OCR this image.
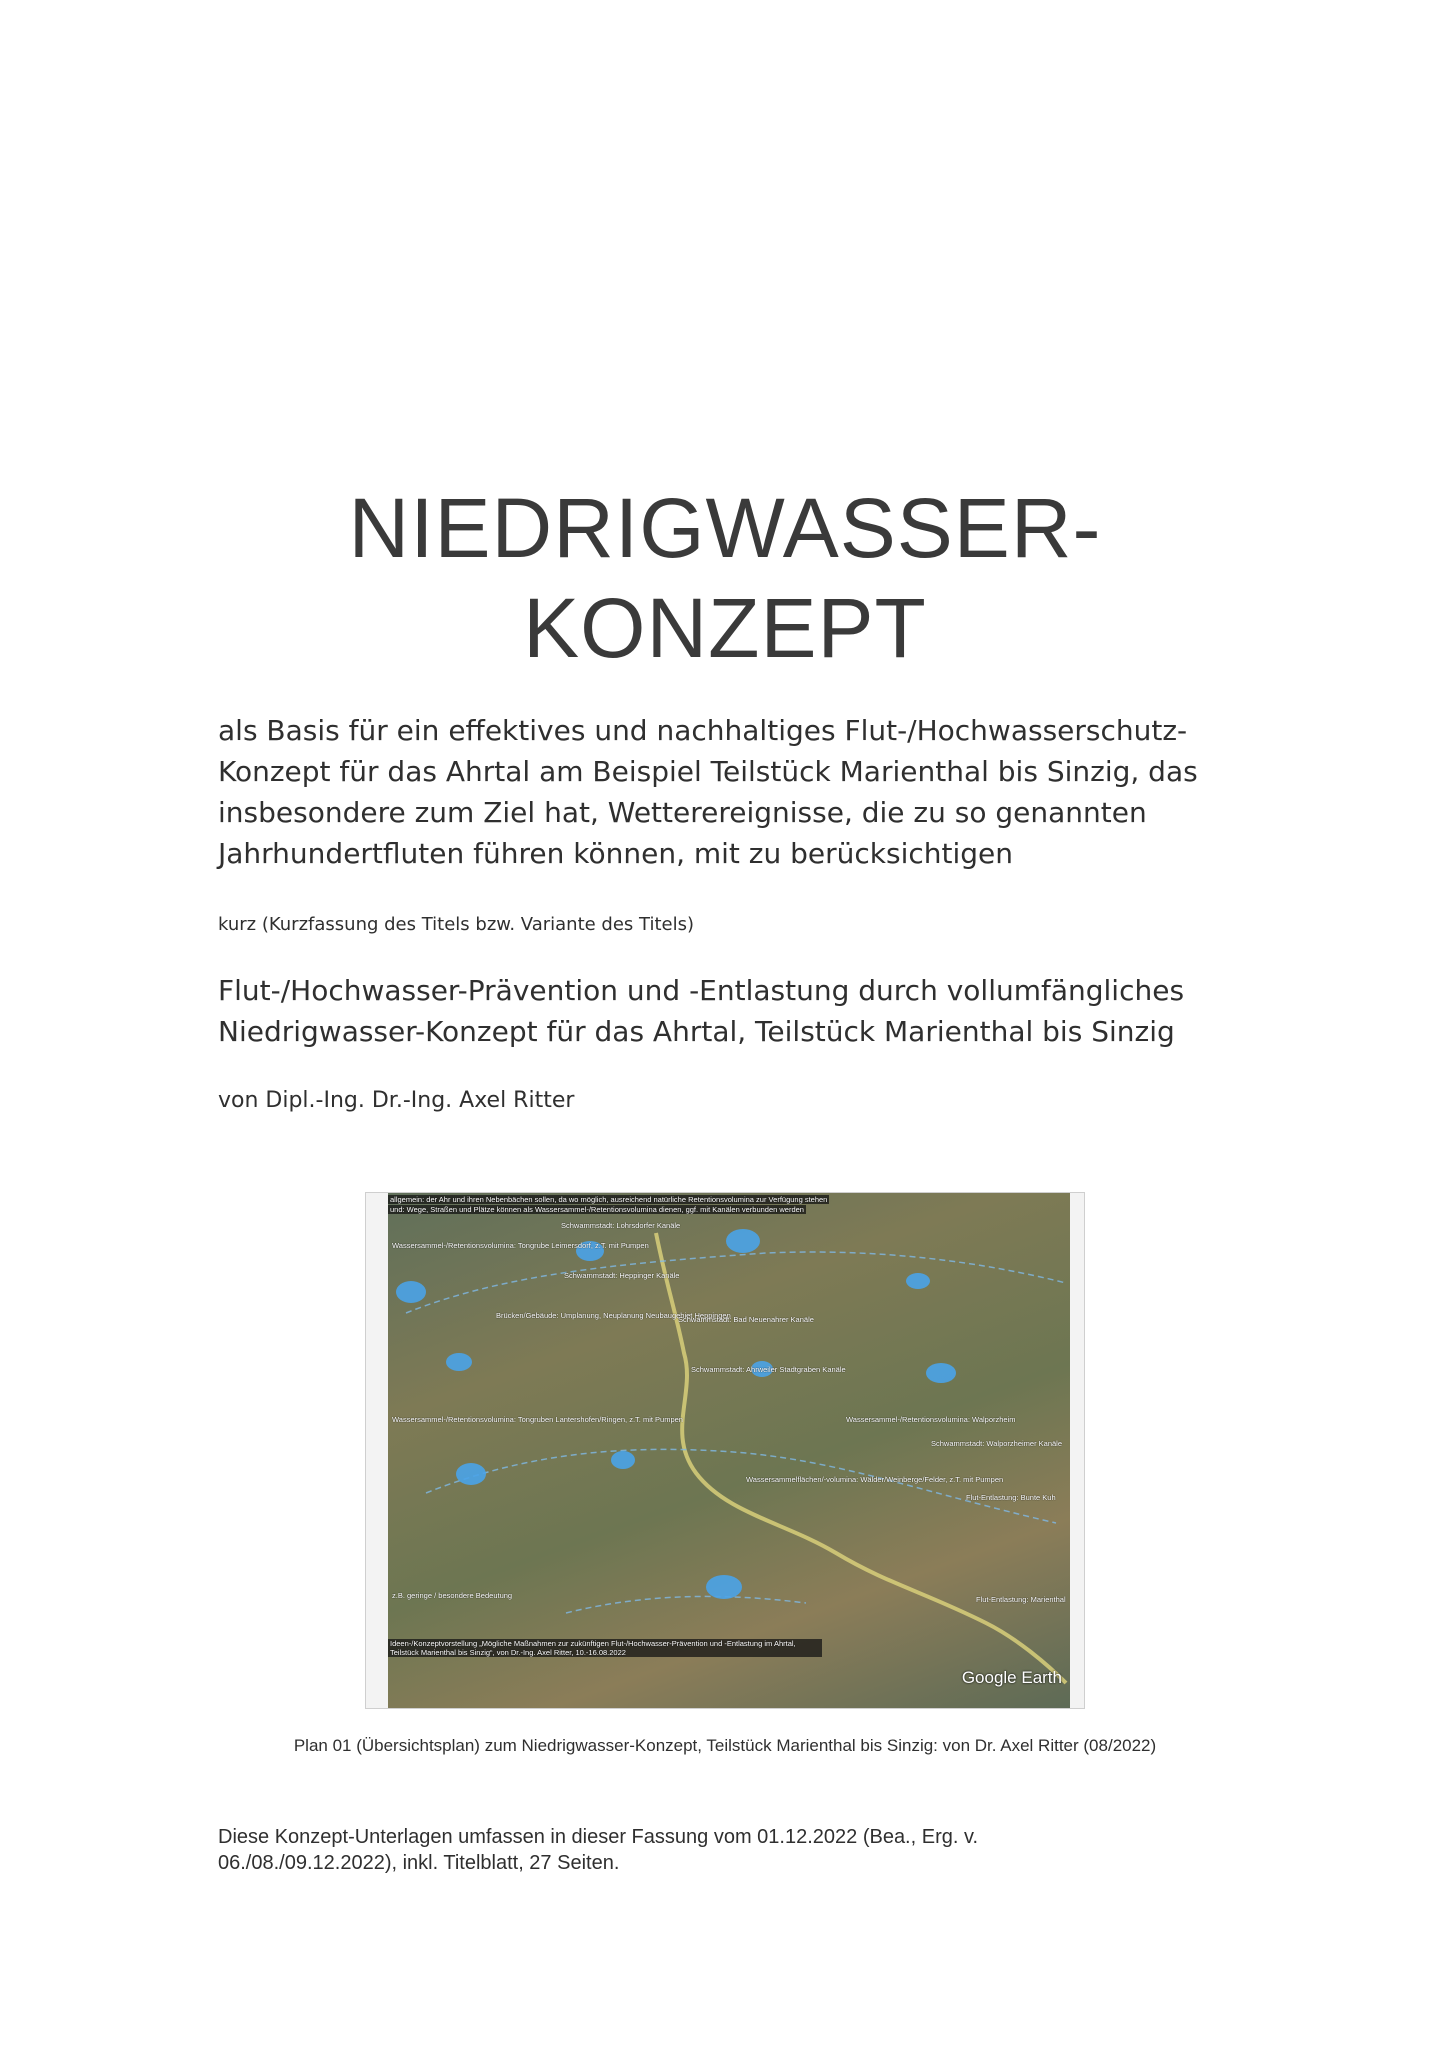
NIEDRIGWASSER-
KONZEPT
als Basis für ein effektives und nachhaltiges Flut-/Hochwasserschutz-Konzept für das Ahrtal am Beispiel Teilstück Marienthal bis Sinzig, das insbesondere zum Ziel hat, Wetterereignisse, die zu so genannten Jahrhundertfluten führen können, mit zu berücksichtigen
kurz (Kurzfassung des Titels bzw. Variante des Titels)
Flut-/Hochwasser-Prävention und -Entlastung durch vollumfängliches Niedrigwasser-Konzept für das Ahrtal, Teilstück Marienthal bis Sinzig
von Dipl.-Ing. Dr.-Ing. Axel Ritter
allgemein: der Ahr und ihren Nebenbächen sollen, da wo möglich, ausreichend natürliche Retentionsvolumina zur Verfügung stehen
und: Wege, Straßen und Plätze können als Wassersammel-/Retentionsvolumina dienen, ggf. mit Kanälen verbunden werden
Schwammstadt: Lohrsdorfer Kanäle
Wassersammel-/Retentionsvolumina: Tongrube Leimersdorf, z.T. mit Pumpen
Schwammstadt: Heppinger Kanäle
Brücken/Gebäude: Umplanung, Neuplanung Neubaugebiet Heppingen
Schwammstadt: Bad Neuenahrer Kanäle
Schwammstadt: Ahrweiler Stadtgraben Kanäle
Wassersammel-/Retentionsvolumina: Walporzheim
Schwammstadt: Walporzheimer Kanäle
Flut-Entlastung: Bunte Kuh
Flut-Entlastung: Marienthal
Wassersammel-/Retentionsvolumina: Tongruben Lantershofen/Ringen, z.T. mit Pumpen
Wassersammelflächen/-volumina: Wälder/Weinberge/Felder, z.T. mit Pumpen
z.B. geringe / besondere Bedeutung
Ideen-/Konzeptvorstellung „Mögliche Maßnahmen zur zukünftigen Flut-/Hochwasser-Prävention und -Entlastung im Ahrtal, Teilstück Marienthal bis Sinzig“, von Dr.-Ing. Axel Ritter, 10.-16.08.2022
Google Earth
Plan 01 (Übersichtsplan) zum Niedrigwasser-Konzept, Teilstück Marienthal bis Sinzig: von Dr. Axel Ritter (08/2022)
Diese Konzept-Unterlagen umfassen in dieser Fassung vom 01.12.2022 (Bea., Erg. v. 06./08./09.12.2022), inkl. Titelblatt, 27 Seiten.
